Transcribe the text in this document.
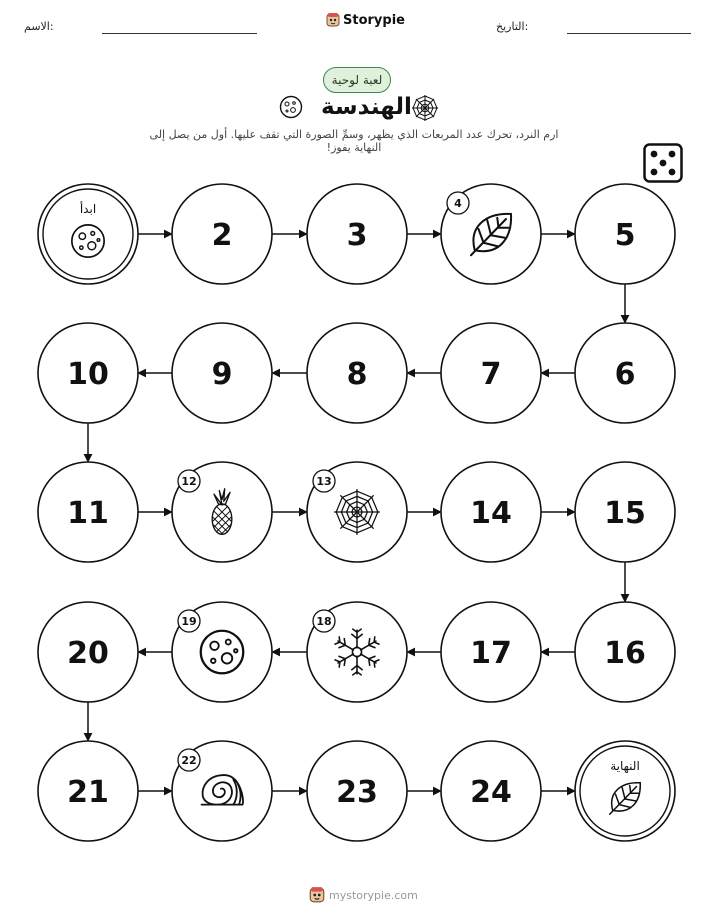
الاسم:	التاريخ:
Storypie
لعبة لوحية
الهندسة
ارم النرد، تحرك عدد المربعات الذي يظهر، وسمِّ الصورة التي تقف عليها. أول من يصل إلى النهاية يفوز!
ابدأ
2	3
4
5
6
7
8
9
10
11
12	13
14	15
16
17
18
19
20
21
22
23	24
النهاية
mystorypie.com
